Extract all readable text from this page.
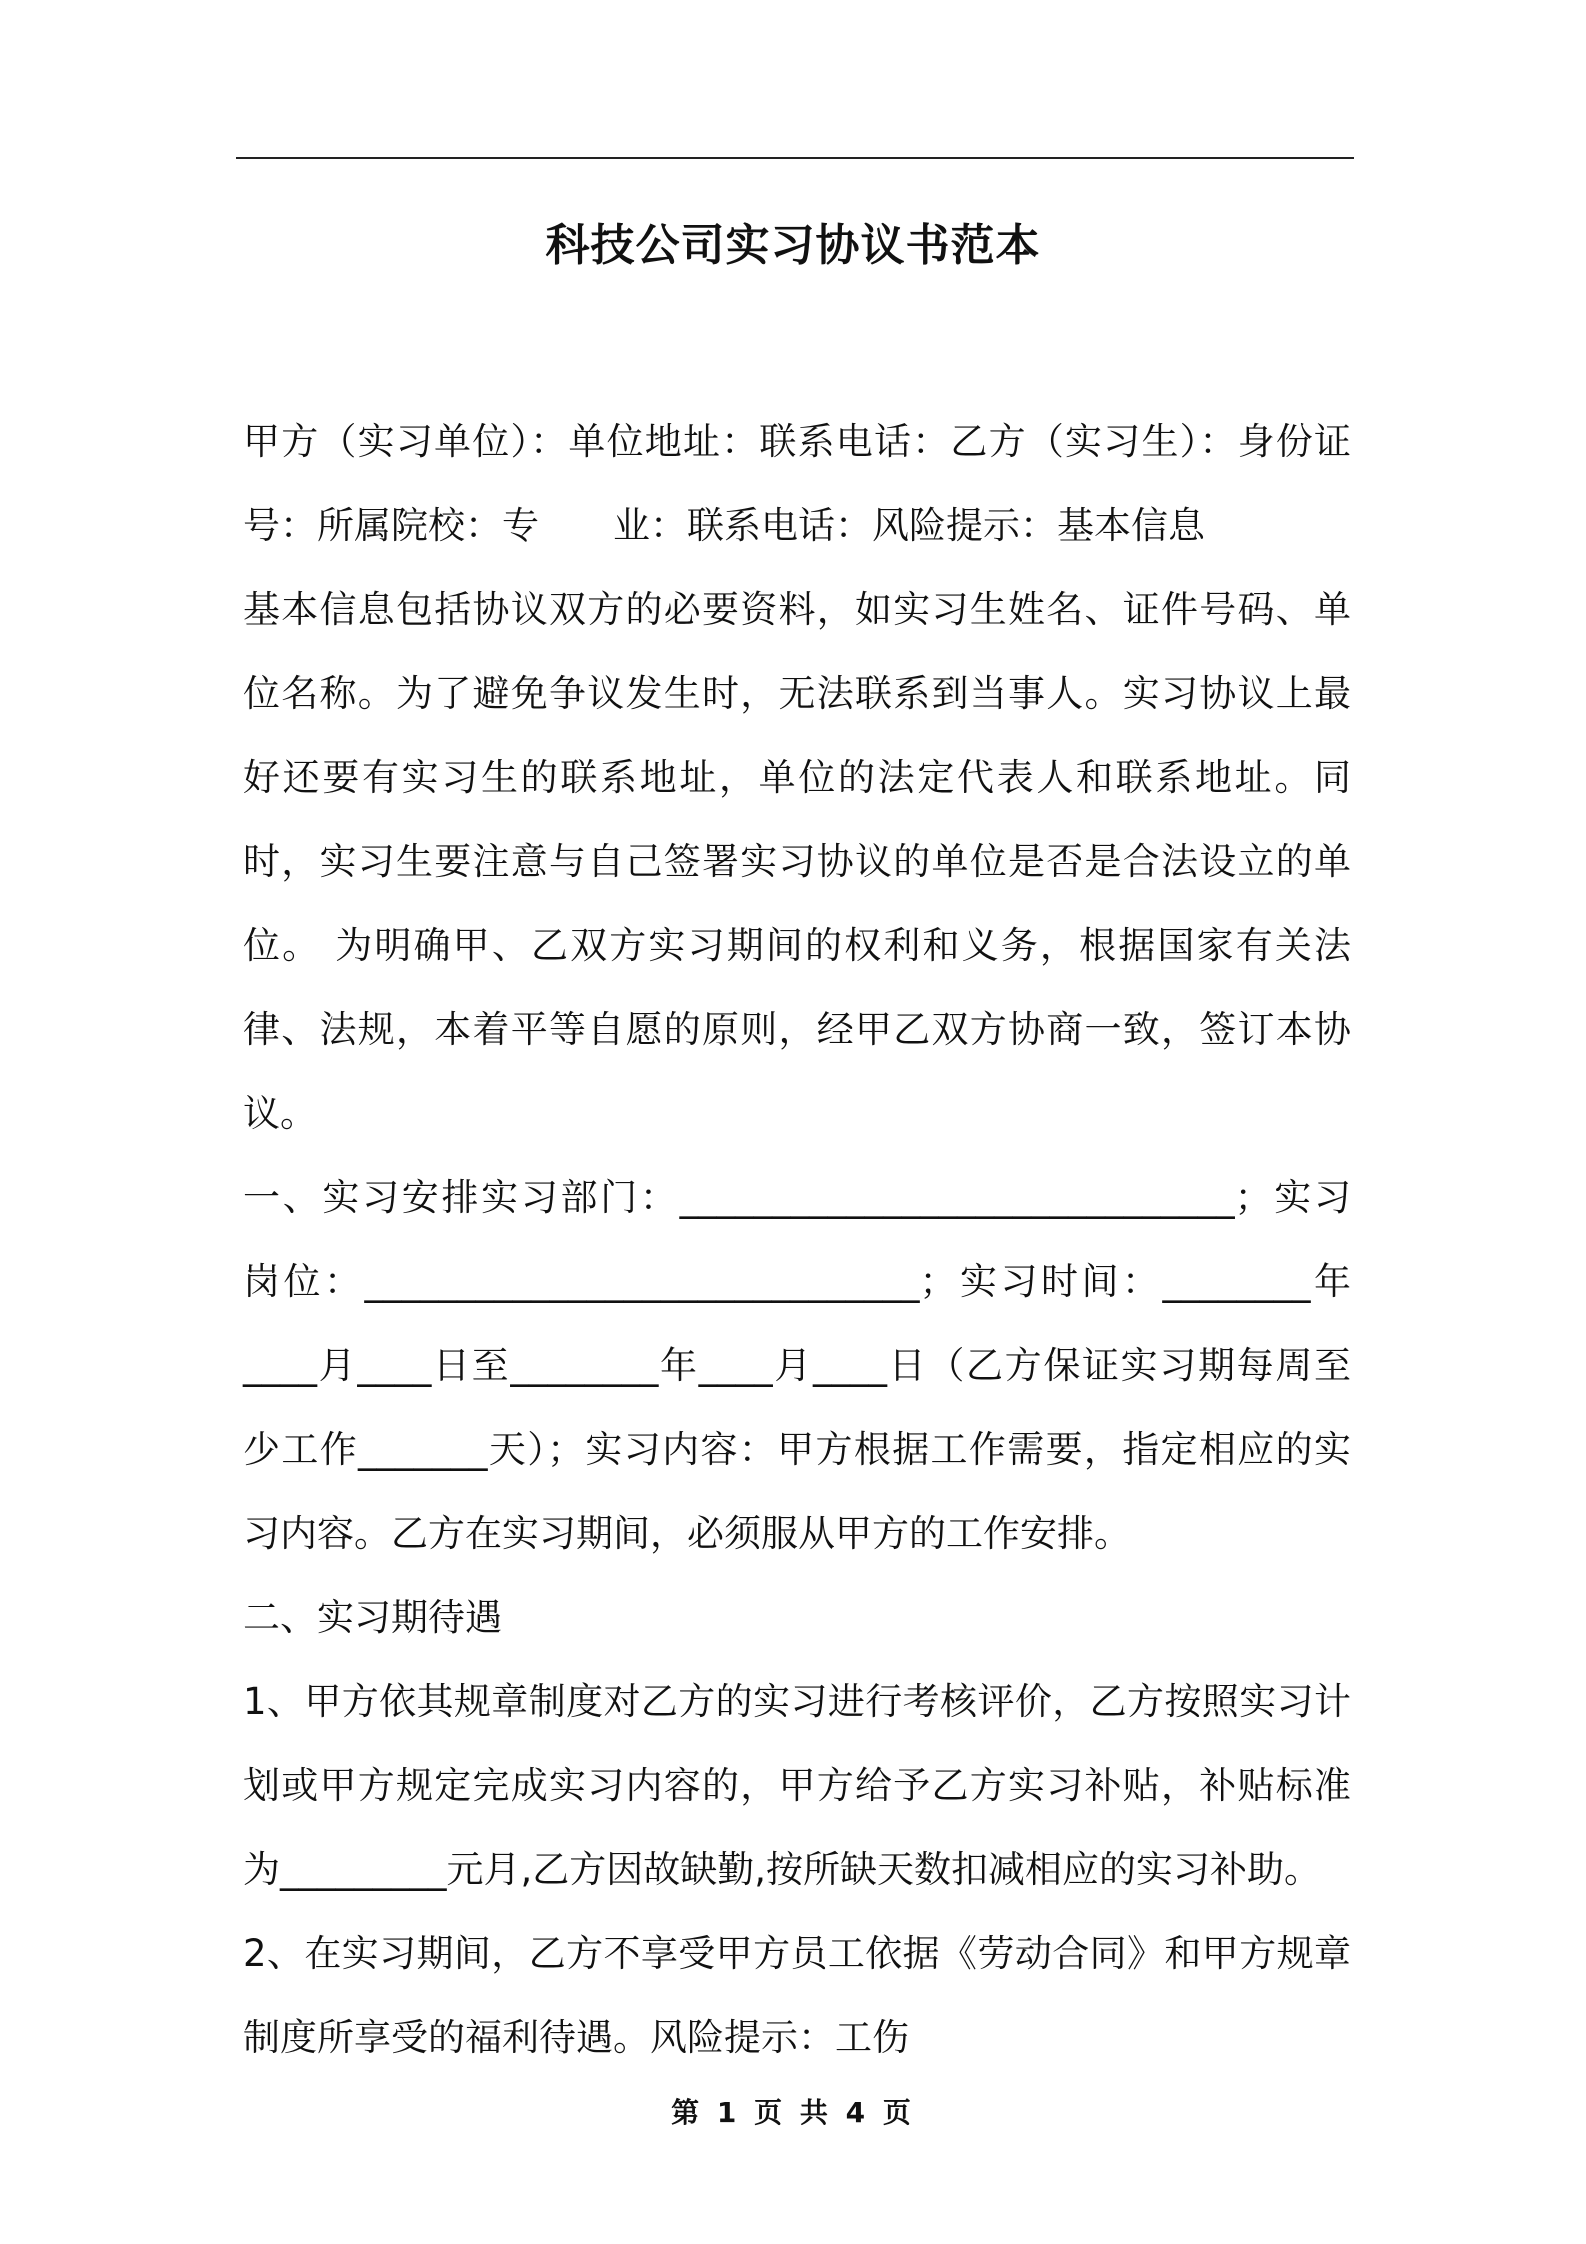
科技公司实习协议书范本

甲方（实习单位）：单位地址：联系电话：乙方（实习生）：身份证号：所属院校：专　　业：联系电话：风险提示：基本信息

基本信息包括协议双方的必要资料，如实习生姓名、证件号码、单位名称。为了避免争议发生时，无法联系到当事人。实习协议上最好还要有实习生的联系地址，单位的法定代表人和联系地址。同时，实习生要注意与自己签署实习协议的单位是否是合法设立的单位。 为明确甲、乙双方实习期间的权利和义务，根据国家有关法律、法规，本着平等自愿的原则，经甲乙双方协商一致，签订本协议。

一、实习安排实习部门：______________________________；实习岗位：______________________________；实习时间：________年____月____日至________年____月____日（乙方保证实习期每周至少工作_______天）；实习内容：甲方根据工作需要，指定相应的实习内容。乙方在实习期间，必须服从甲方的工作安排。

二、实习期待遇

1、甲方依其规章制度对乙方的实习进行考核评价，乙方按照实习计划或甲方规定完成实习内容的，甲方给予乙方实习补贴，补贴标准为_________元月,乙方因故缺勤,按所缺天数扣减相应的实习补助。

2、在实习期间，乙方不享受甲方员工依据《劳动合同》和甲方规章制度所享受的福利待遇。风险提示：工伤

第 1 页 共 4 页
